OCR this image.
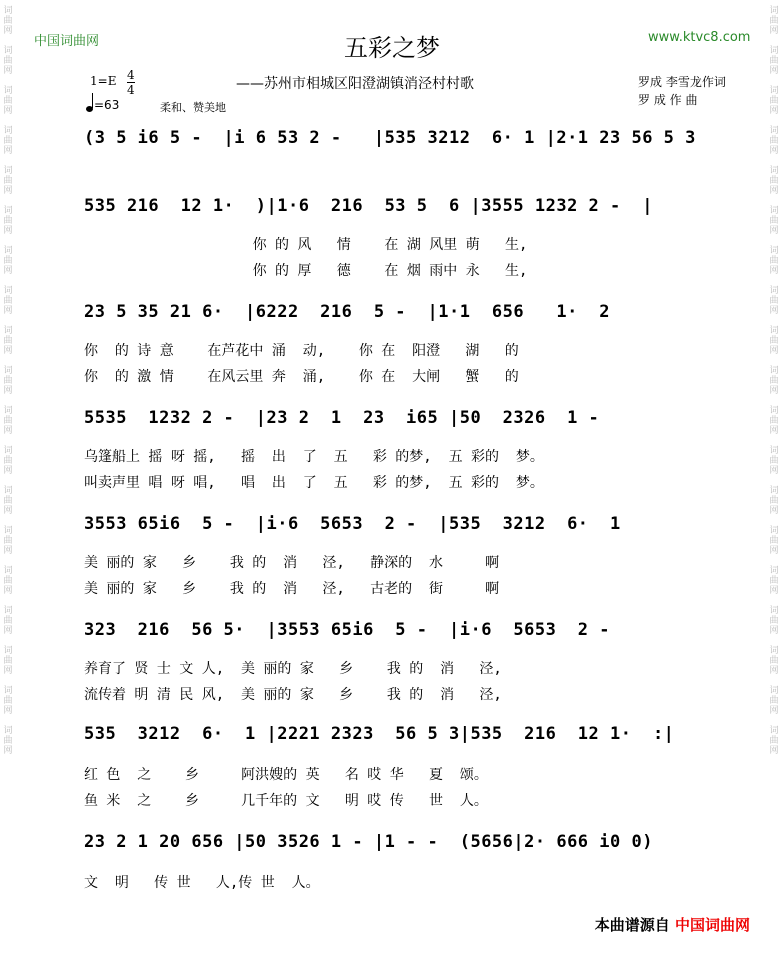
词 曲 网
词 曲 网
词 曲 网
词 曲 网
词 曲 网
词 曲 网
词 曲 网
词 曲 网
词 曲 网
词 曲 网
词 曲 网
词 曲 网
词 曲 网
词 曲 网
词 曲 网
词 曲 网
词 曲 网
词 曲 网
词 曲 网
词 曲 网
词 曲 网
词 曲 网
词 曲 网
词 曲 网
词 曲 网
词 曲 网
词 曲 网
词 曲 网
词 曲 网
词 曲 网
词 曲 网
词 曲 网
词 曲 网
词 曲 网
词 曲 网
词 曲 网
词 曲 网
词 曲 网
中国词曲网	www.ktvc8.com
五彩之梦
$1=E \frac{4}{4}$
=63	柔和、赞美地
——苏州市相城区阳澄湖镇消泾村村歌	罗成 李雪龙作词
罗 成 作 曲
(3 5 i6 5 -  |i 6 53 2 -   |535 3212  6· 1 |2·1 23 56 5 3
535 216  12 1·  )|1·6  216  53 5  6 |3555 1232 2 -  |
你 的 风   情    在 湖 风里 萌   生,
你 的 厚   德    在 烟 雨中 永   生,
23 5 35 21 6·  |6222  216  5 -  |1·1  656   1·  2
你  的 诗 意    在芦花中 涌  动,    你 在  阳澄   湖   的
你  的 激 情    在风云里 奔  涌,    你 在  大闸   蟹   的
5535  1232 2 -  |23 2  1  23  i65 |50  2326  1 -
乌篷船上 摇 呀 摇,   摇  出  了  五   彩 的梦,  五 彩的  梦。
叫卖声里 唱 呀 唱,   唱  出  了  五   彩 的梦,  五 彩的  梦。
3553 65i6  5 -  |i·6  5653  2 -  |535  3212  6·  1
美 丽的 家   乡    我 的  消   泾,   静深的  水     啊
美 丽的 家   乡    我 的  消   泾,   古老的  街     啊
323  216  56 5·  |3553 65i6  5 -  |i·6  5653  2 -
养育了 贤 士 文 人,  美 丽的 家   乡    我 的  消   泾,
流传着 明 清 民 风,  美 丽的 家   乡    我 的  消   泾,
535  3212  6·  1 |2221 2323  56 5 3|535  216  12 1·  :|
红 色  之    乡     阿洪嫂的 英   名 哎 华   夏  颂。
鱼 米  之    乡     几千年的 文   明 哎 传   世  人。
23 2 1 20 656 |50 3526 1 - |1 - -  (5656|2· 666 i0 0)
文  明   传 世   人,传 世  人。
本曲谱源自 中国词曲网
